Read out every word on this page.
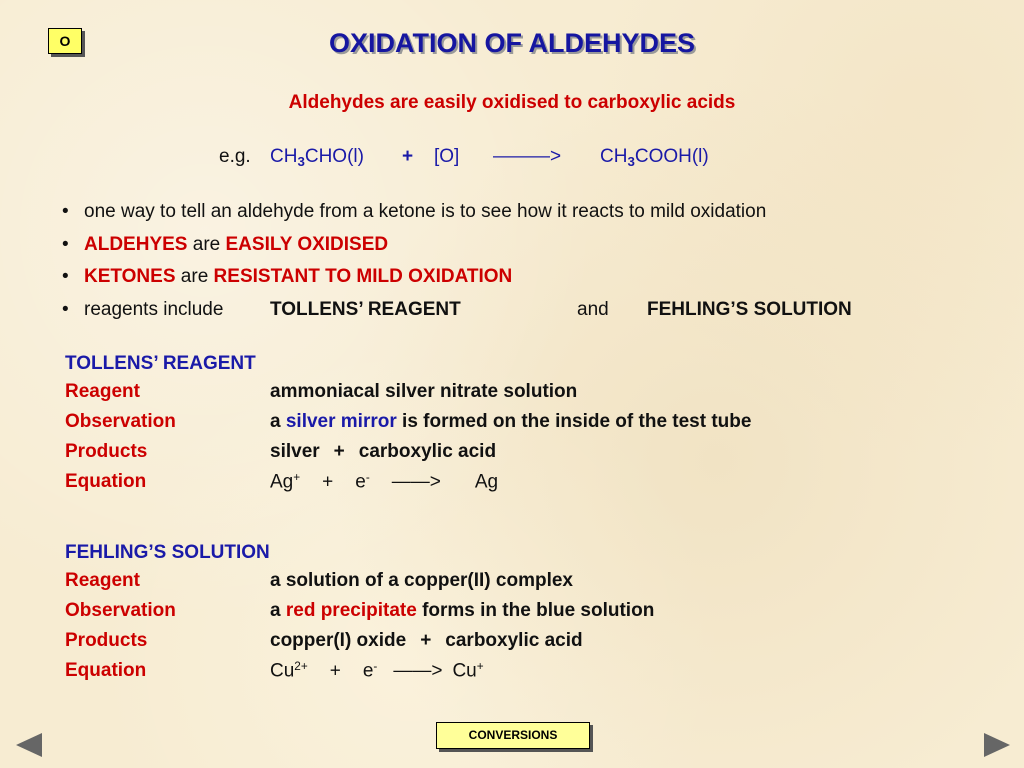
O	OXIDATION OF ALDEHYDES
Aldehydes are easily oxidised to carboxylic acids
e.g. $CH_3CHO(l) + [O]$ ———> $CH_3COOH(l)$
• one way to tell an aldehyde from a ketone is to see how it reacts to mild oxidation
• ALDEHYES are EASILY OXIDISED
• KETONES are RESISTANT TO MILD OXIDATION
• reagents include TOLLENS’ REAGENT	and FEHLING’S SOLUTION
TOLLENS’ REAGENT
Reagent	ammoniacal silver nitrate solution
Observation	a silver mirror is formed on the inside of the test tube
Products	silver + carboxylic acid
Equation	Ag+ + e- ——> Ag
FEHLING’S SOLUTION
Reagent	a solution of a copper(II) complex
Observation	a red precipitate forms in the blue solution
Products	copper(I) oxide + carboxylic acid
Equation	$Cu^{2+} + e^-$ ——> Cu+
CONVERSIONS
